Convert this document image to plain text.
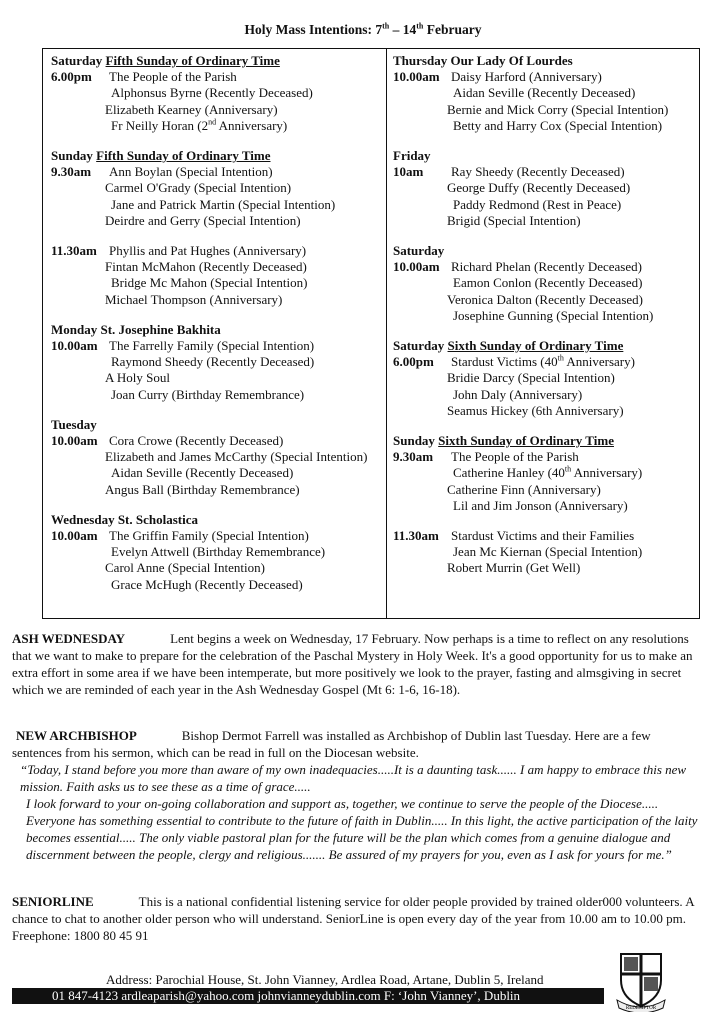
Holy Mass Intentions: 7th – 14th February
Saturday Fifth Sunday of Ordinary Time
6.00pm The People of the Parish
Alphonsus Byrne (Recently Deceased)
Elizabeth Kearney (Anniversary)
Fr Neilly Horan (2nd Anniversary)
Sunday Fifth Sunday of Ordinary Time
9.30am Ann Boylan (Special Intention)
Carmel O'Grady (Special Intention)
Jane and Patrick Martin (Special Intention)
Deirdre and Gerry (Special Intention)
11.30am Phyllis and Pat Hughes (Anniversary)
Fintan McMahon (Recently Deceased)
Bridge Mc Mahon (Special Intention)
Michael Thompson (Anniversary)
Monday St. Josephine Bakhita
10.00am The Farrelly Family (Special Intention)
Raymond Sheedy (Recently Deceased)
A Holy Soul
Joan Curry (Birthday Remembrance)
Tuesday
10.00am Cora Crowe (Recently Deceased)
Elizabeth and James McCarthy (Special Intention)
Aidan Seville (Recently Deceased)
Angus Ball (Birthday Remembrance)
Wednesday St. Scholastica
10.00am The Griffin Family (Special Intention)
Evelyn Attwell (Birthday Remembrance)
Carol Anne (Special Intention)
Grace McHugh (Recently Deceased)
Thursday Our Lady Of Lourdes
10.00am Daisy Harford (Anniversary)
Aidan Seville (Recently Deceased)
Bernie and Mick Corry (Special Intention)
Betty and Harry Cox (Special Intention)
Friday
10am Ray Sheedy (Recently Deceased)
George Duffy (Recently Deceased)
Paddy Redmond (Rest in Peace)
Brigid (Special Intention)
Saturday
10.00am Richard Phelan (Recently Deceased)
Eamon Conlon (Recently Deceased)
Veronica Dalton (Recently Deceased)
Josephine Gunning (Special Intention)
Saturday Sixth Sunday of Ordinary Time
6.00pm Stardust Victims (40th Anniversary)
Bridie Darcy (Special Intention)
John Daly (Anniversary)
Seamus Hickey (6th Anniversary)
Sunday Sixth Sunday of Ordinary Time
9.30am The People of the Parish
Catherine Hanley (40th Anniversary)
Catherine Finn (Anniversary)
Lil and Jim Jonson (Anniversary)
11.30am Stardust Victims and their Families
Jean Mc Kiernan (Special Intention)
Robert Murrin (Get Well)
ASH WEDNESDAY	Lent begins a week on Wednesday, 17 February. Now perhaps is a time to reflect on any resolutions that we want to make to prepare for the celebration of the Paschal Mystery in Holy Week. It's a good opportunity for us to make an extra effort in some area if we have been intemperate, but more positively we look to the prayer, fasting and almsgiving in secret which we are reminded of each year in the Ash Wednesday Gospel (Mt 6: 1-6, 16-18).
NEW ARCHBISHOP	Bishop Dermot Farrell was installed as Archbishop of Dublin last Tuesday. Here are a few sentences from his sermon, which can be read in full on the Diocesan website.
“Today, I stand before you more than aware of my own inadequacies.....It is a daunting task...... I am happy to embrace this new mission. Faith asks us to see these as a time of grace.....
I look forward to your on-going collaboration and support as, together, we continue to serve the people of the Diocese..... Everyone has something essential to contribute to the future of faith in Dublin..... In this light, the active participation of the laity becomes essential..... The only viable pastoral plan for the future will be the plan which comes from a genuine dialogue and discernment between the people, clergy and religious....... Be assured of my prayers for you, even as I ask for yours for me.”
SENIORLINE	This is a national confidential listening service for older people provided by trained older000 volunteers. A chance to chat to another older person who will understand. SeniorLine is open every day of the year from 10.00 am to 10.00 pm. Freephone: 1800 80 45 91
Address: Parochial House, St. John Vianney, Ardlea Road, Artane, Dublin 5, Ireland
01 847-4123 ardleaparish@yahoo.com johnvianneydublin.com F: ‘John Vianney’, Dublin
REDEMPTOR
